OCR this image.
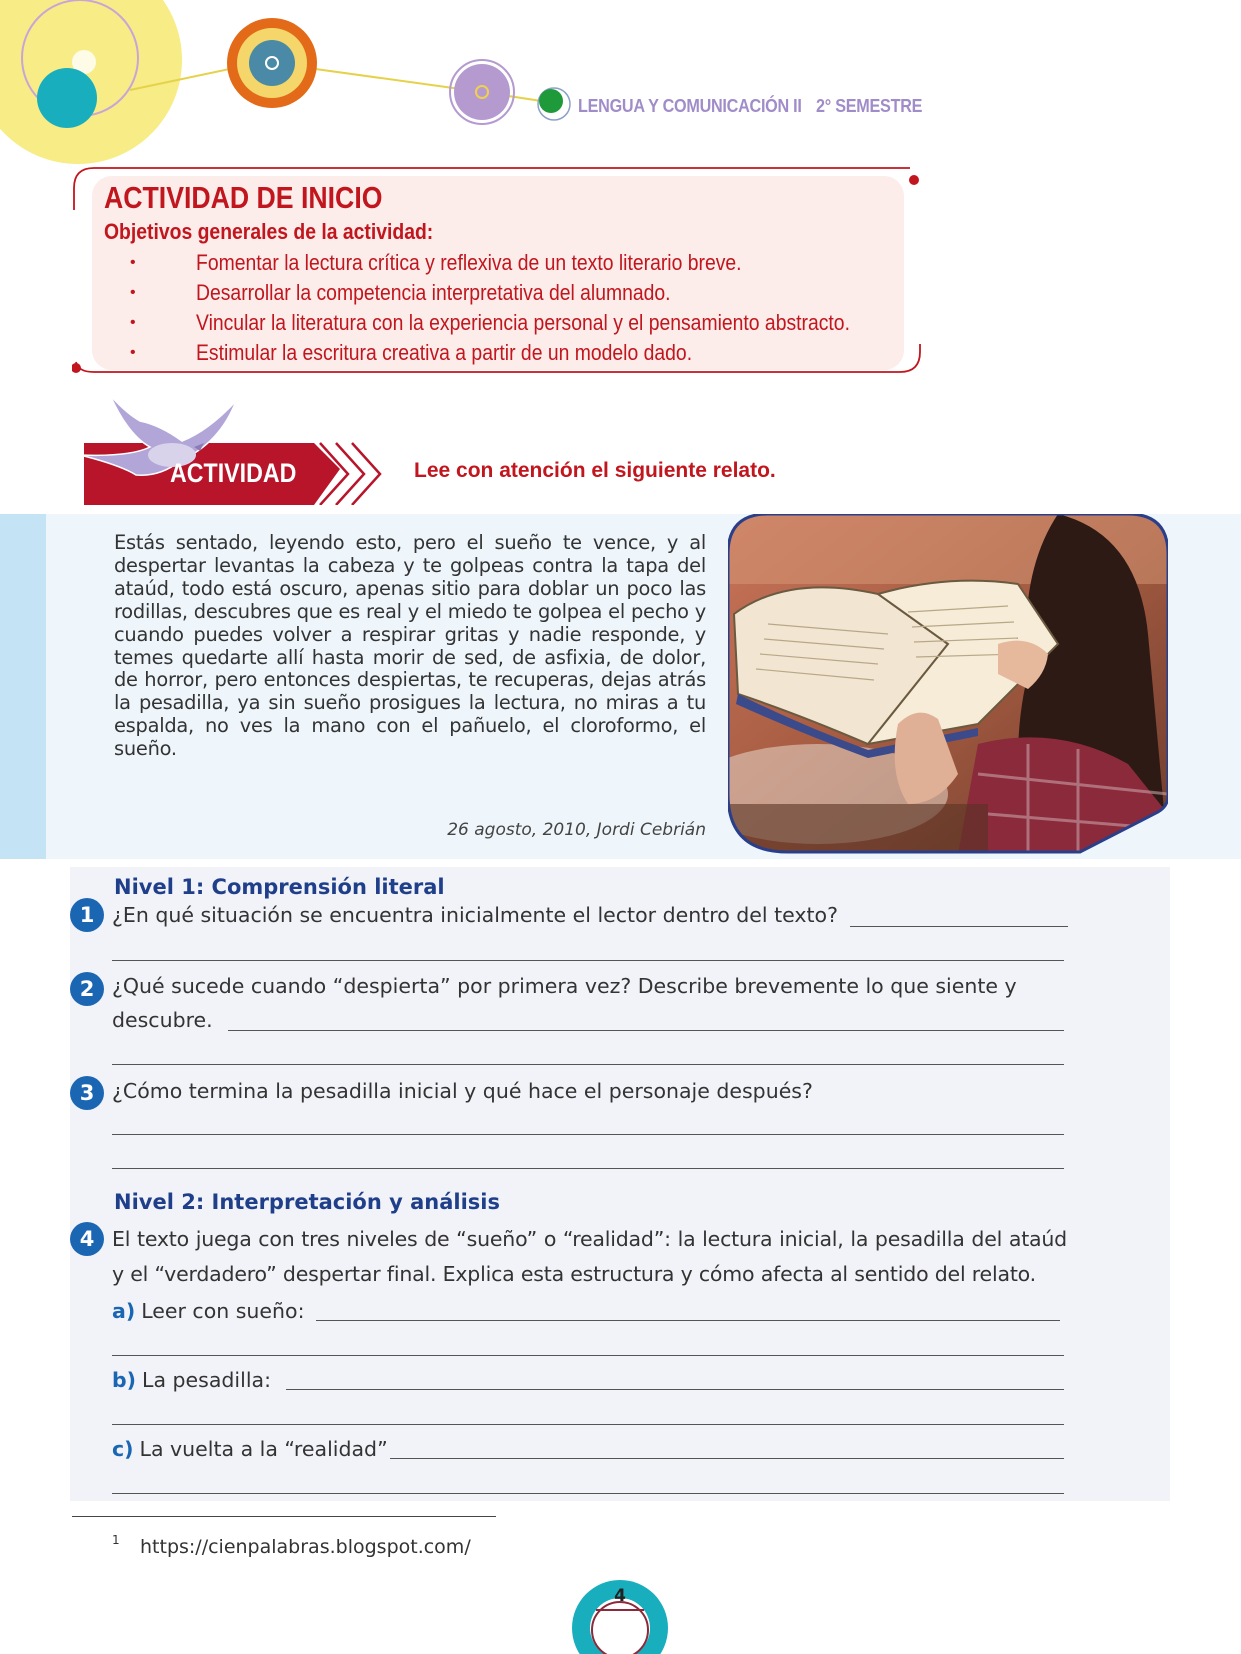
LENGUA Y COMUNICACIÓN II 2° SEMESTRE
ACTIVIDAD DE INICIO
Objetivos generales de la actividad:
•	Fomentar la lectura crítica y reflexiva de un texto literario breve.
•	Desarrollar la competencia interpretativa del alumnado.
•	Vincular la literatura con la experiencia personal y el pensamiento abstracto.
•	Estimular la escritura creativa a partir de un modelo dado.
ACTIVIDAD	Lee con atención el siguiente relato.

Estás sentado, leyendo esto, pero el sueño te vence, y al despertar levantas la cabeza y te golpeas contra la tapa del ataúd, todo está oscuro, apenas sitio para doblar un poco las rodillas, descubres que es real y el miedo te golpea el pecho y cuando puedes volver a respirar gritas y nadie responde, y temes quedarte allí hasta morir de sed, de asfixia, de dolor, de horror, pero entonces despiertas, te recuperas, dejas atrás la pesadilla, ya sin sueño prosigues la lectura, no miras a tu espalda, no ves la mano con el pañuelo, el cloroformo, el sueño.

26 agosto, 2010, Jordi Cebrián
Nivel 1: Comprensión literal
1 ¿En qué situación se encuentra inicialmente el lector dentro del texto?
2 ¿Qué sucede cuando “despierta” por primera vez? Describe brevemente lo que siente y
descubre.
3 ¿Cómo termina la pesadilla inicial y qué hace el personaje después?
Nivel 2: Interpretación y análisis
4 El texto juega con tres niveles de “sueño” o “realidad”: la lectura inicial, la pesadilla del ataúd y el “verdadero” despertar final. Explica esta estructura y cómo afecta al sentido del relato.
a) Leer con sueño:
b) La pesadilla:
c) La vuelta a la “realidad”
1 https://cienpalabras.blogspot.com/
4
